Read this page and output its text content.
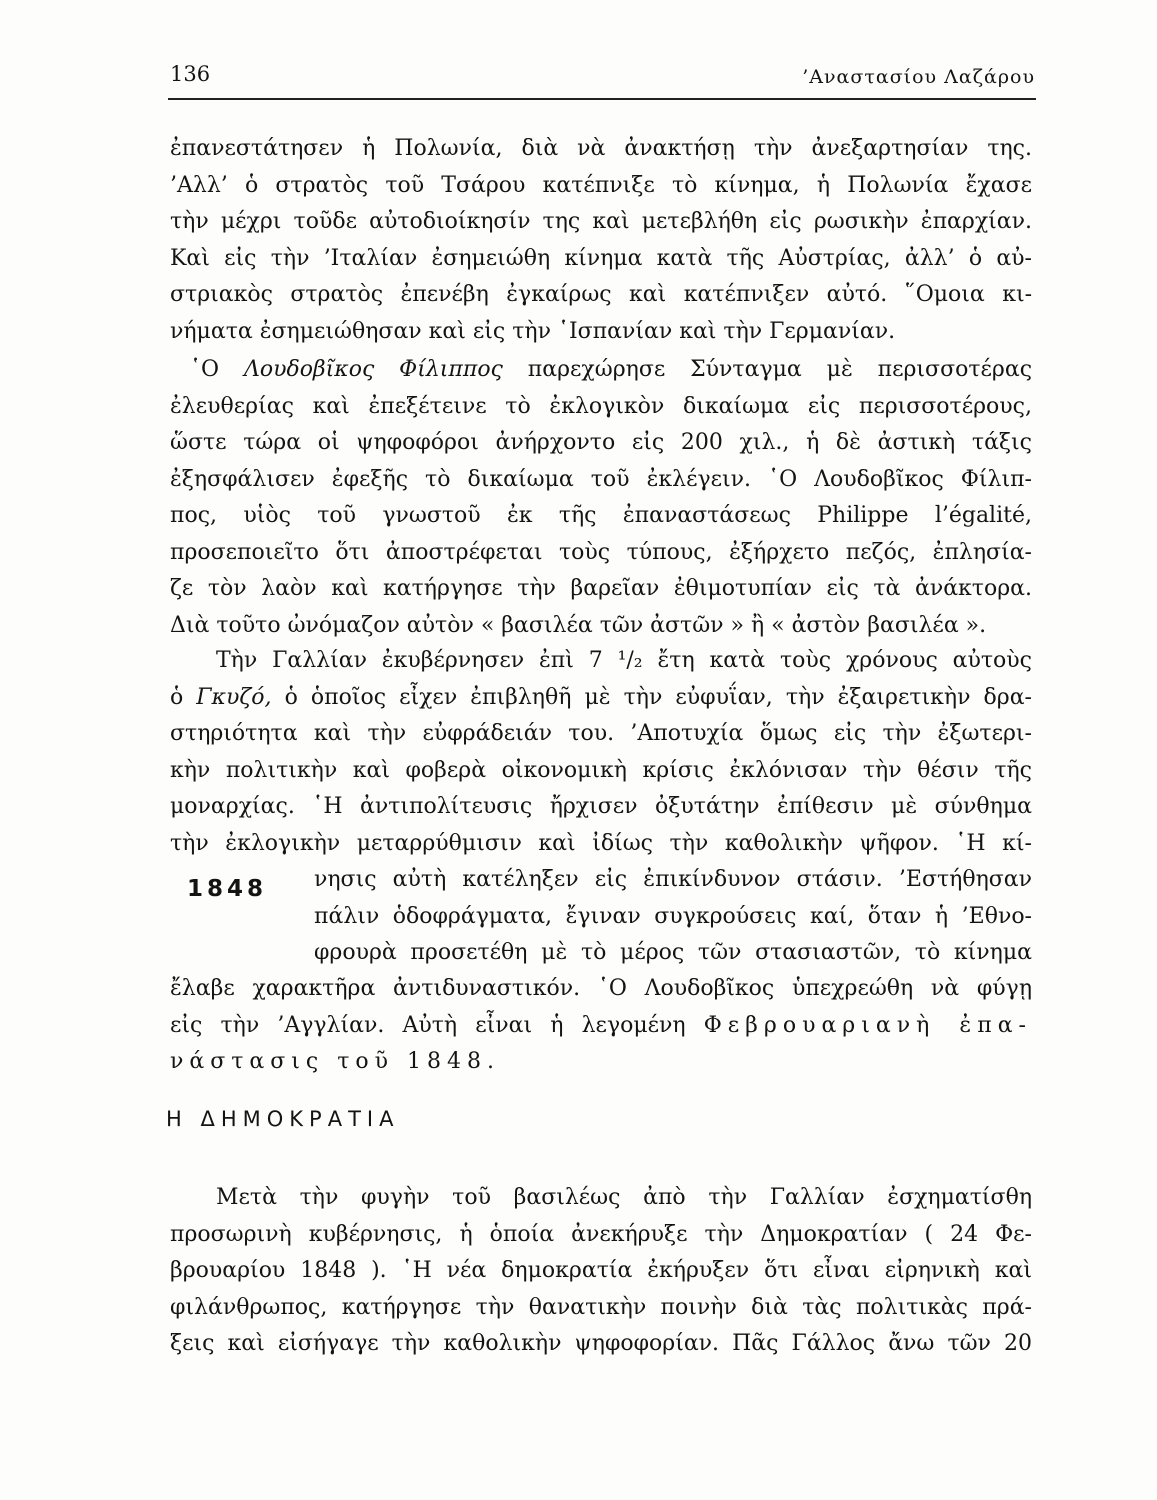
136	’Αναστασίου Λαζάρου
ἐπανεστάτησεν ἡ Πολωνία, διὰ νὰ ἀνακτήσῃ τὴν ἀνεξαρτησίαν της.
’Αλλ’ ὁ στρατὸς τοῦ Τσάρου κατέπνιξε τὸ κίνημα, ἡ Πολωνία ἔχασε
τὴν μέχρι τοῦδε αὐτοδιοίκησίν της καὶ μετεβλήθη εἰς ρωσικὴν ἐπαρχίαν.
Καὶ εἰς τὴν ’Ιταλίαν ἐσημειώθη κίνημα κατὰ τῆς Αὐστρίας, ἀλλ’ ὁ αὐ-
στριακὸς στρατὸς ἐπενέβη ἐγκαίρως καὶ κατέπνιξεν αὐτό. ῞Ομοια κι-
νήματα ἐσημειώθησαν καὶ εἰς τὴν ῾Ισπανίαν καὶ τὴν Γερμανίαν.
῾Ο Λουδοβῖκος Φίλιππος παρεχώρησε Σύνταγμα μὲ περισσοτέρας
ἐλευθερίας καὶ ἐπεξέτεινε τὸ ἐκλογικὸν δικαίωμα εἰς περισσοτέρους,
ὥστε τώρα οἱ ψηφοφόροι ἀνήρχοντο εἰς 200 χιλ., ἡ δὲ ἀστικὴ τάξις
ἐξησφάλισεν ἐφεξῆς τὸ δικαίωμα τοῦ ἐκλέγειν. ῾Ο Λουδοβῖκος Φίλιπ-
πος, υἱὸς τοῦ γνωστοῦ ἐκ τῆς ἐπαναστάσεως Philippe l’égalité,
προσεποιεῖτο ὅτι ἀποστρέφεται τοὺς τύπους, ἐξήρχετο πεζός, ἐπλησία-
ζε τὸν λαὸν καὶ κατήργησε τὴν βαρεῖαν ἐθιμοτυπίαν εἰς τὰ ἀνάκτορα.
Διὰ τοῦτο ὠνόμαζον αὐτὸν « βασιλέα τῶν ἀστῶν » ἢ « ἀστὸν βασιλέα ».
Τὴν Γαλλίαν ἐκυβέρνησεν ἐπὶ 7 ¹/₂ ἔτη κατὰ τοὺς χρόνους αὐτοὺς
ὁ Γκυζό, ὁ ὁποῖος εἶχεν ἐπιβληθῆ μὲ τὴν εὐφυΐαν, τὴν ἐξαιρετικὴν δρα-
στηριότητα καὶ τὴν εὐφράδειάν του. ’Αποτυχία ὅμως εἰς τὴν ἐξωτερι-
κὴν πολιτικὴν καὶ φοβερὰ οἰκονομικὴ κρίσις ἐκλόνισαν τὴν θέσιν τῆς
μοναρχίας. ῾Η ἀντιπολίτευσις ἤρχισεν ὀξυτάτην ἐπίθεσιν μὲ σύνθημα
τὴν ἐκλογικὴν μεταρρύθμισιν καὶ ἰδίως τὴν καθολικὴν ψῆφον. ῾Η κί-
1848 νησις αὐτὴ κατέληξεν εἰς ἐπικίνδυνον στάσιν. ’Εστήθησαν
πάλιν ὁδοφράγματα, ἔγιναν συγκρούσεις καί, ὅταν ἡ ’Εθνο-
φρουρὰ προσετέθη μὲ τὸ μέρος τῶν στασιαστῶν, τὸ κίνημα
ἔλαβε χαρακτῆρα ἀντιδυναστικόν. ῾Ο Λουδοβῖκος ὑπεχρεώθη νὰ φύγῃ
εἰς τὴν ’Αγγλίαν. Αὐτὴ εἶναι ἡ λεγομένη Φεβρουαριανὴ ἐπα-
νάστασις τοῦ 1848.
Η ΔΗΜΟΚΡΑΤΙΑ
Μετὰ τὴν φυγὴν τοῦ βασιλέως ἀπὸ τὴν Γαλλίαν ἐσχηματίσθη
προσωρινὴ κυβέρνησις, ἡ ὁποία ἀνεκήρυξε τὴν Δημοκρατίαν ( 24 Φε-
βρουαρίου 1848 ). ῾Η νέα δημοκρατία ἐκήρυξεν ὅτι εἶναι εἰρηνικὴ καὶ
φιλάνθρωπος, κατήργησε τὴν θανατικὴν ποινὴν διὰ τὰς πολιτικὰς πρά-
ξεις καὶ εἰσήγαγε τὴν καθολικὴν ψηφοφορίαν. Πᾶς Γάλλος ἄνω τῶν 20
